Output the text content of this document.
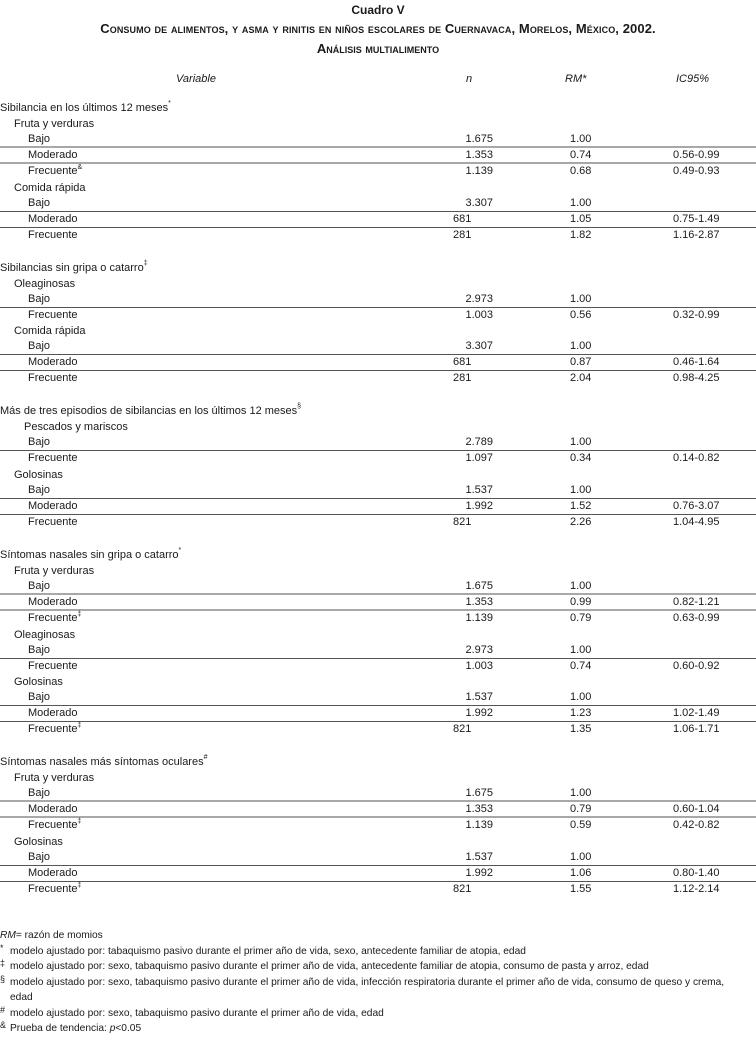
Cuadro V
Consumo de alimentos, y asma y rinitis en niños escolares de Cuernavaca, Morelos, México, 2002.
Análisis multialimento
Variable	n	RM*	IC95%
Sibilancia en los últimos 12 meses*
Fruta y verduras
Bajo	1.675	1.00
Moderado	1.353	0.74	0.56-0.99
Frecuente&	1.139	0.68	0.49-0.93
Comida rápida
Bajo	3.307	1.00
Moderado	681	1.05	0.75-1.49
Frecuente	281	1.82	1.16-2.87
Sibilancias sin gripa o catarro‡
Oleaginosas
Bajo	2.973	1.00
Frecuente	1.003	0.56	0.32-0.99
Comida rápida
Bajo	3.307	1.00
Moderado	681	0.87	0.46-1.64
Frecuente	281	2.04	0.98-4.25
Más de tres episodios de sibilancias en los últimos 12 meses§
Pescados y mariscos
Bajo	2.789	1.00
Frecuente	1.097	0.34	0.14-0.82
Golosinas
Bajo	1.537	1.00
Moderado	1.992	1.52	0.76-3.07
Frecuente	821	2.26	1.04-4.95
Síntomas nasales sin gripa o catarro*
Fruta y verduras
Bajo	1.675	1.00
Moderado	1.353	0.99	0.82-1.21
Frecuente‡	1.139	0.79	0.63-0.99
Oleaginosas
Bajo	2.973	1.00
Frecuente	1.003	0.74	0.60-0.92
Golosinas
Bajo	1.537	1.00
Moderado	1.992	1.23	1.02-1.49
Frecuente‡	821	1.35	1.06-1.71
Síntomas nasales más síntomas oculares#
Fruta y verduras
Bajo	1.675	1.00
Moderado	1.353	0.79	0.60-1.04
Frecuente‡	1.139	0.59	0.42-0.82
Golosinas
Bajo	1.537	1.00
Moderado	1.992	1.06	0.80-1.40
Frecuente‡	821	1.55	1.12-2.14
RM= razón de momios
* modelo ajustado por: tabaquismo pasivo durante el primer año de vida, sexo, antecedente familiar de atopia, edad
‡ modelo ajustado por: sexo, tabaquismo pasivo durante el primer año de vida, antecedente familiar de atopia, consumo de pasta y arroz, edad
§ modelo ajustado por: sexo, tabaquismo pasivo durante el primer año de vida, infección respiratoria durante el primer año de vida, consumo de queso y crema,
edad
# modelo ajustado por: sexo, tabaquismo pasivo durante el primer año de vida, edad
& Prueba de tendencia: p<0.05
